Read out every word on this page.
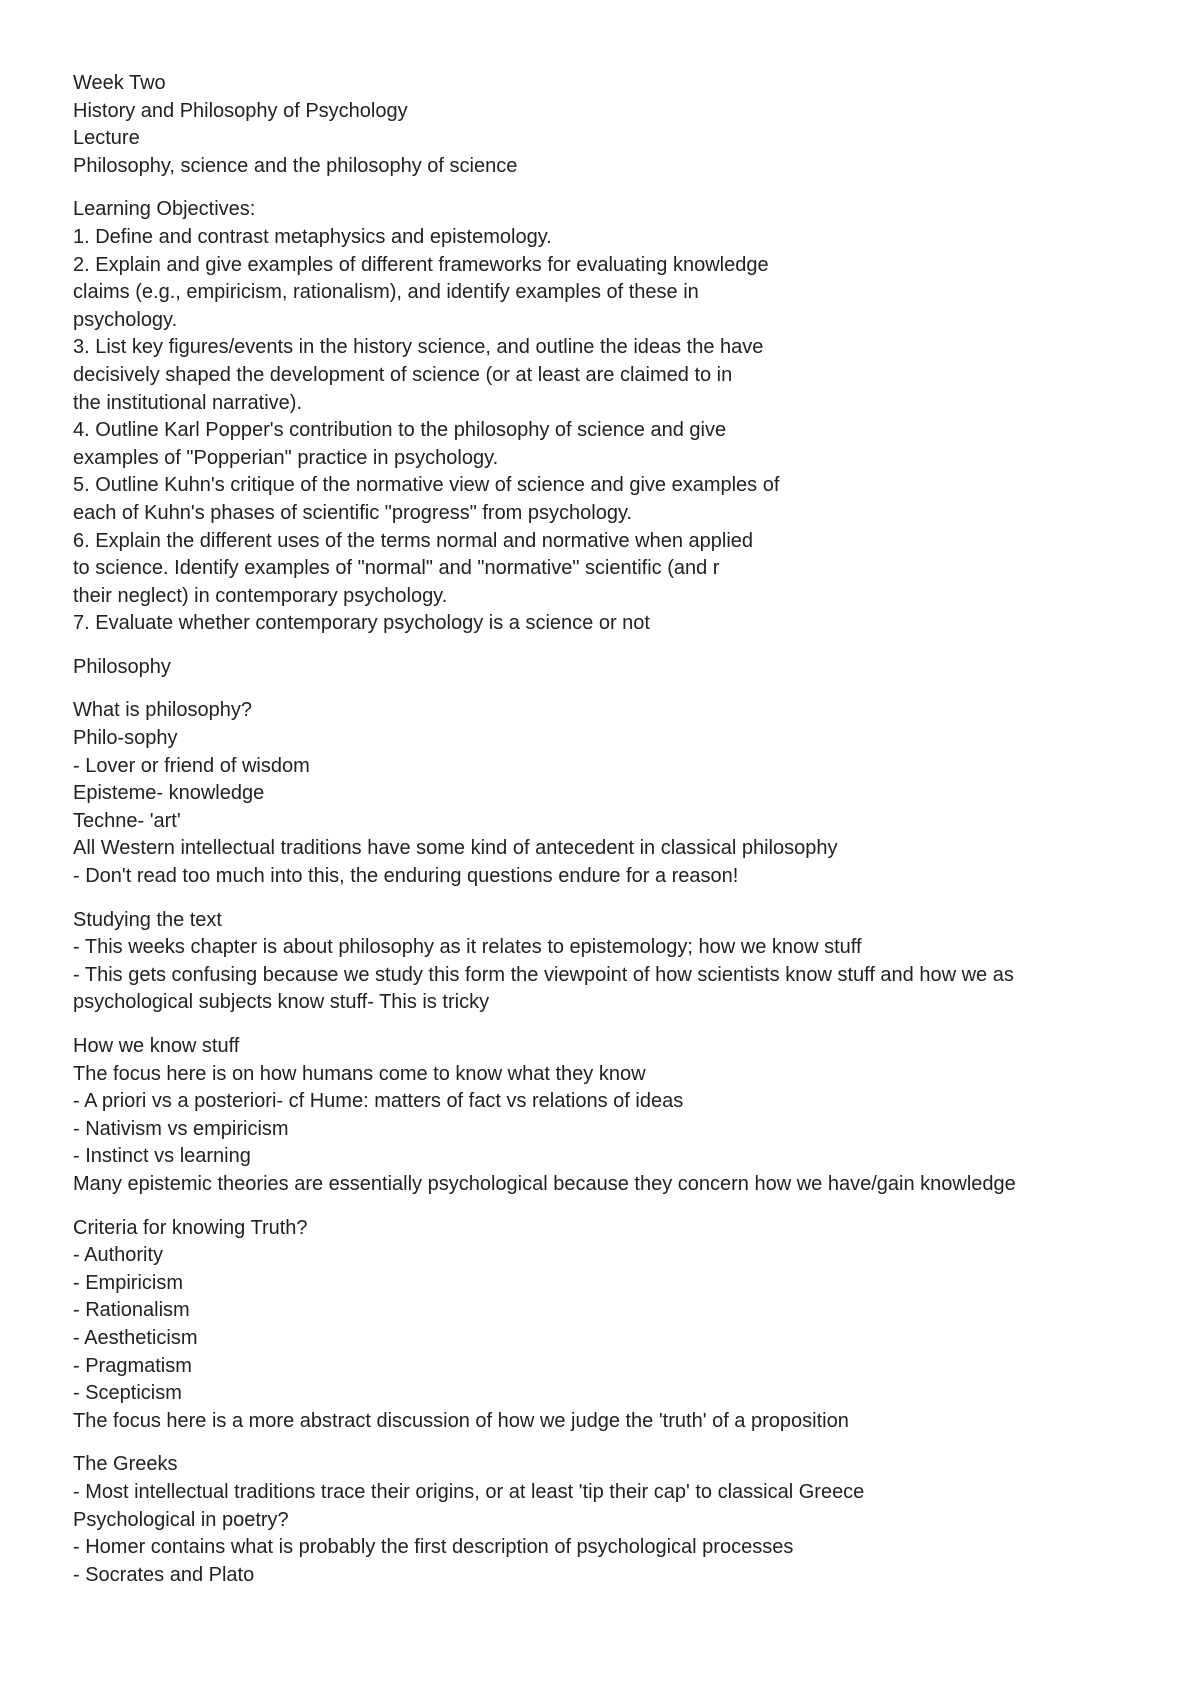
Week Two
History and Philosophy of Psychology
Lecture
Philosophy, science and the philosophy of science
Learning Objectives:
1. Define and contrast metaphysics and epistemology.
2. Explain and give examples of different frameworks for evaluating knowledge
claims (e.g., empiricism, rationalism), and identify examples of these in
psychology.
3. List key figures/events in the history science, and outline the ideas the have
decisively shaped the development of science (or at least are claimed to in
the institutional narrative).
4. Outline Karl Popper's contribution to the philosophy of science and give
examples of "Popperian" practice in psychology.
5. Outline Kuhn's critique of the normative view of science and give examples of
each of Kuhn's phases of scientific "progress" from psychology.
6. Explain the different uses of the terms normal and normative when applied
to science. Identify examples of "normal" and "normative" scientific (and r
their neglect) in contemporary psychology.
7. Evaluate whether contemporary psychology is a science or not
Philosophy
What is philosophy?
Philo-sophy
- Lover or friend of wisdom
Episteme- knowledge
Techne- 'art'
All Western intellectual traditions have some kind of antecedent in classical philosophy
- Don't read too much into this, the enduring questions endure for a reason!
Studying the text
- This weeks chapter is about philosophy as it relates to epistemology; how we know stuff
- This gets confusing because we study this form the viewpoint of how scientists know stuff and how we as
psychological subjects know stuff- This is tricky
How we know stuff
The focus here is on how humans come to know what they know
- A priori vs a posteriori- cf Hume: matters of fact vs relations of ideas
- Nativism vs empiricism
- Instinct vs learning
Many epistemic theories are essentially psychological because they concern how we have/gain knowledge
Criteria for knowing Truth?
- Authority
- Empiricism
- Rationalism
- Aestheticism
- Pragmatism
- Scepticism
The focus here is a more abstract discussion of how we judge the 'truth' of a proposition
The Greeks
- Most intellectual traditions trace their origins, or at least 'tip their cap' to classical Greece
Psychological in poetry?
- Homer contains what is probably the first description of psychological processes
- Socrates and Plato
